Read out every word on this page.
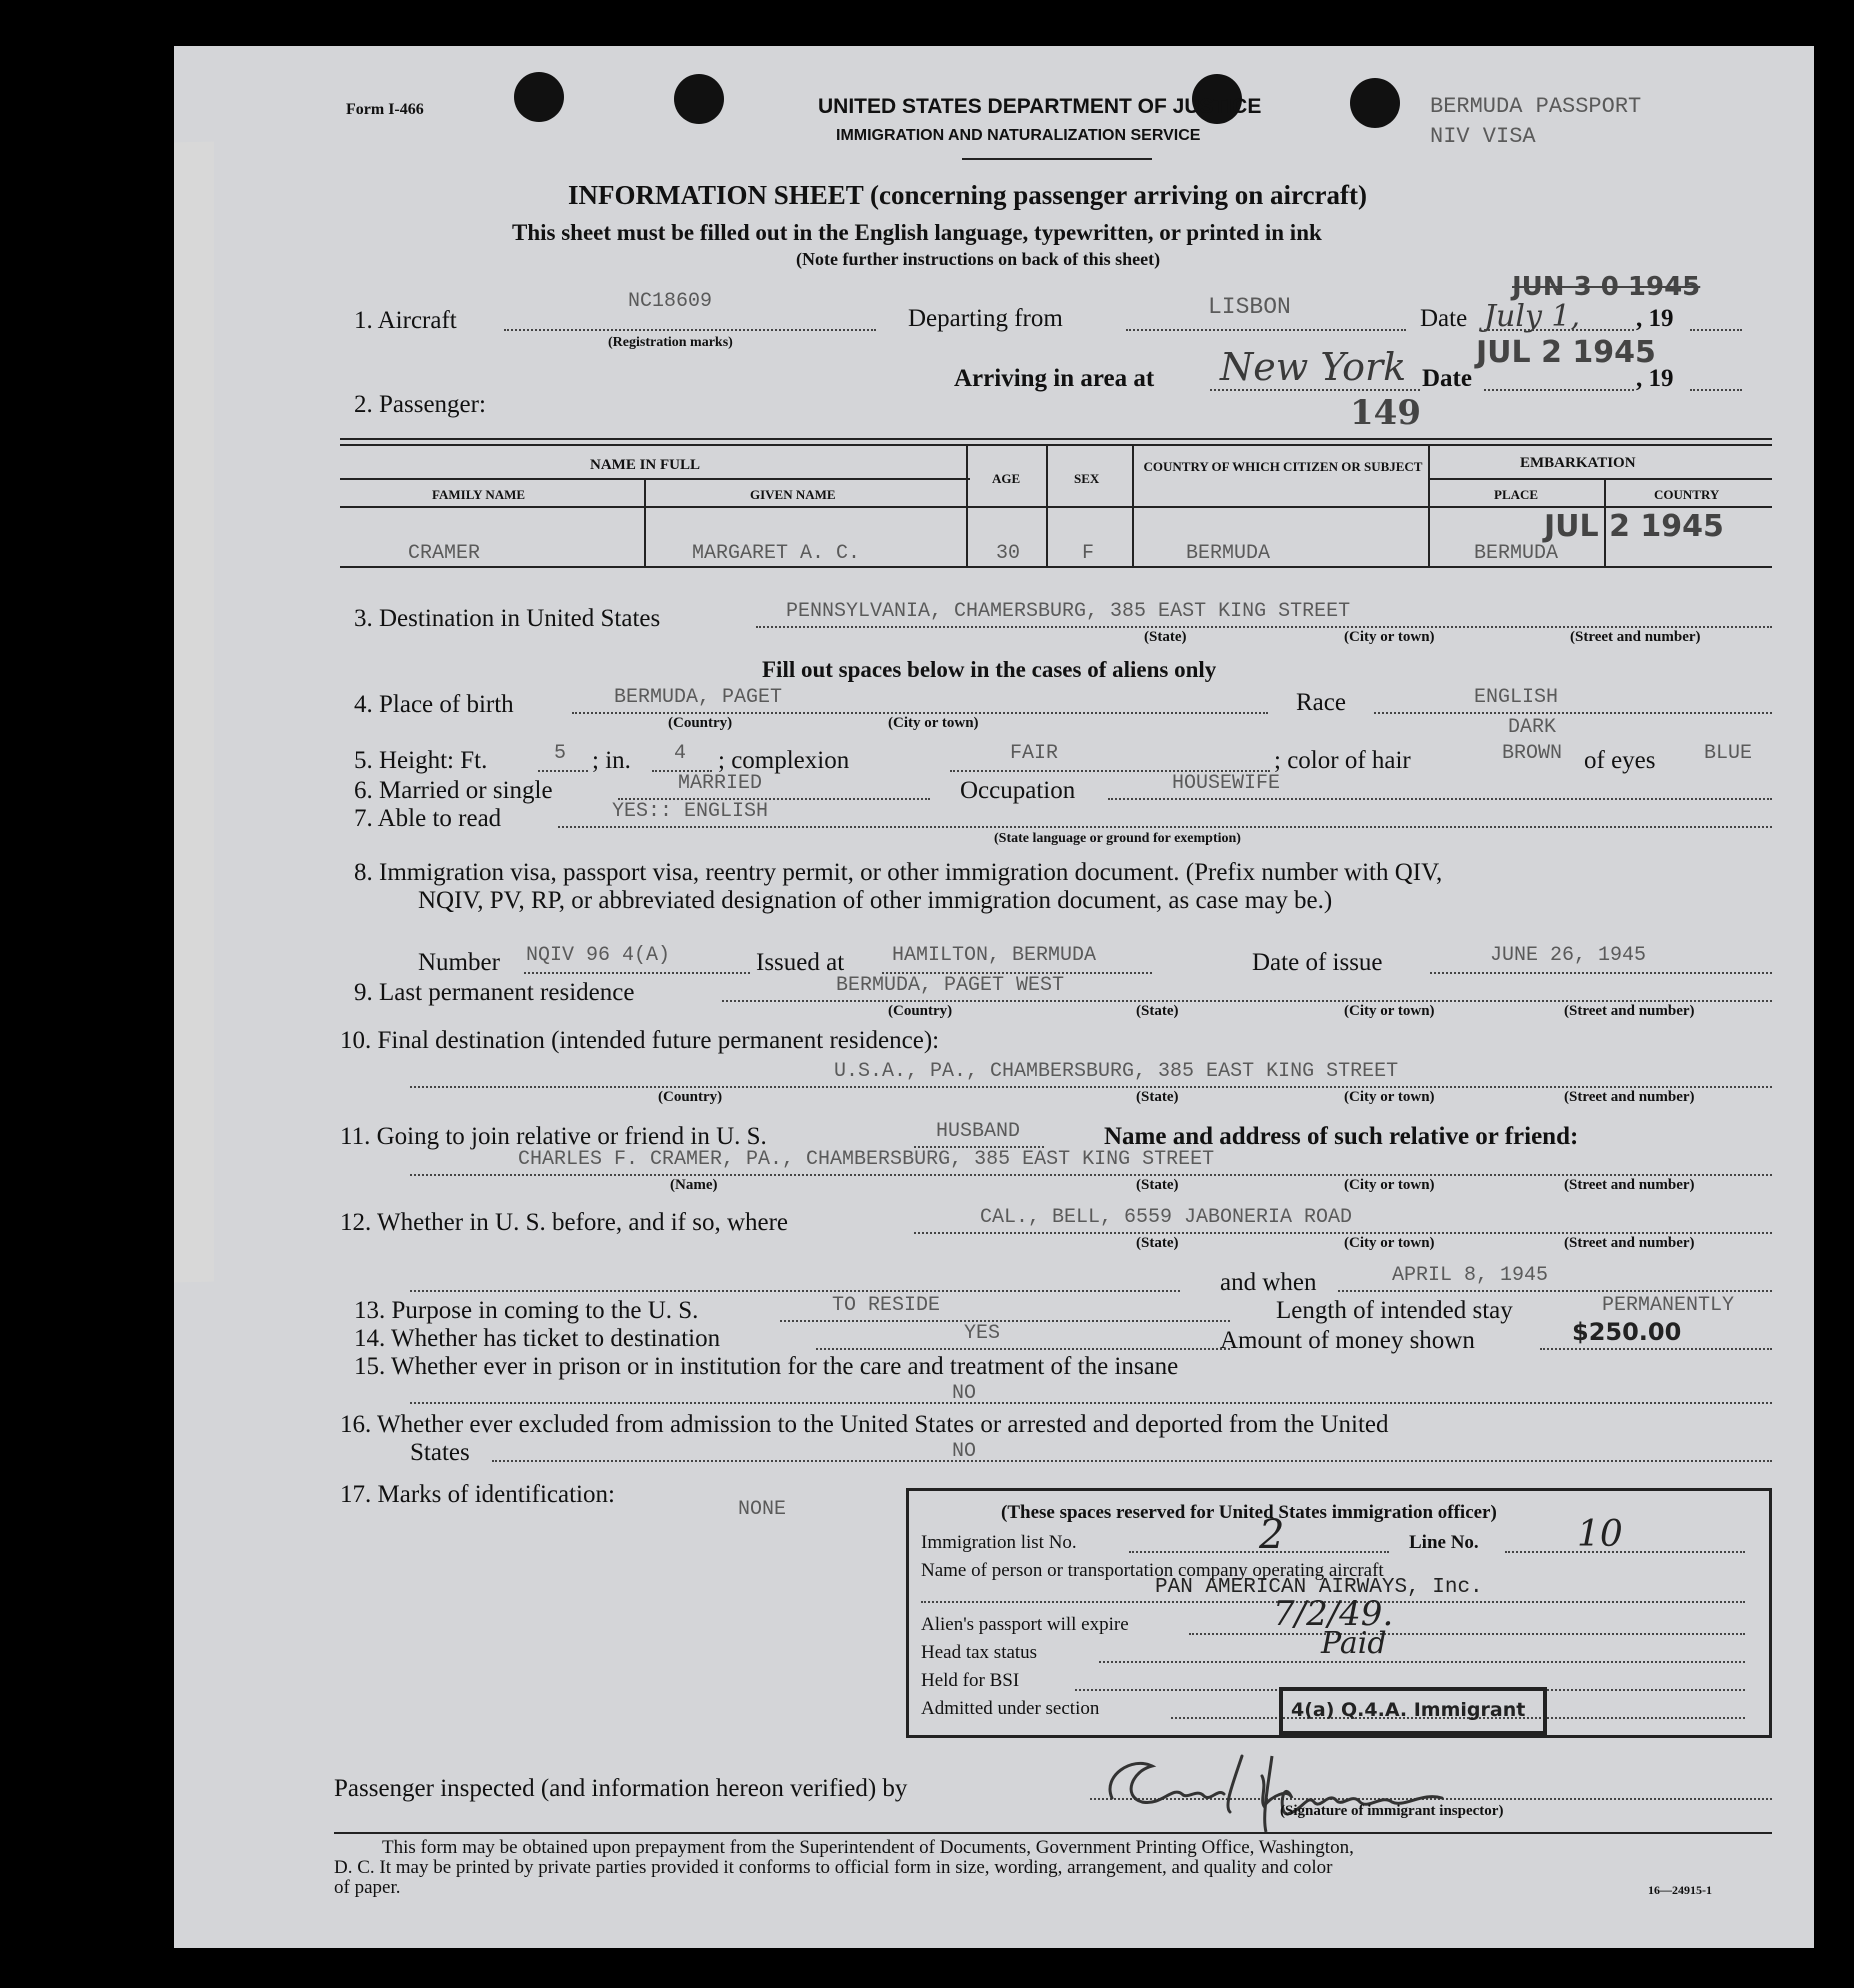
Form I-466	UNITED STATES DEPARTMENT OF JUSTICE
IMMIGRATION AND NATURALIZATION SERVICE
BERMUDA PASSPORT
NIV VISA
INFORMATION SHEET (concerning passenger arriving on aircraft)
This sheet must be filled out in the English language, typewritten, or printed in ink
(Note further instructions on back of this sheet)
1. Aircraft
NC18609
(Registration marks)
Departing from	LISBON	Date
JUN 3 0 1945
July 1, , 19
Arriving in area at New York Date
JUL 2 1945
, 19
149
2. Passenger:
NAME IN FULL
FAMILY NAME	GIVEN NAME
AGE	SEX
COUNTRY OF WHICH CITIZEN OR SUBJECT	EMBARKATION
PLACE	COUNTRY
CRAMER	MARGARET A. C.	30	F	BERMUDA	BERMUDA
JUL 2 1945
3. Destination in United States	PENNSYLVANIA, CHAMERSBURG, 385 EAST KING STREET
(State)	(City or town)	(Street and number)
Fill out spaces below in the cases of aliens only
4. Place of birth	BERMUDA, PAGET
(Country)	(City or town)
Race	ENGLISH
5. Height: Ft.	5 ; in. 4 ; complexion	FAIR	; color of hair
DARK
BROWN of eyes BLUE
6. Married or single	MARRIED	Occupation	HOUSEWIFE
7. Able to read	YES:: ENGLISH
(State language or ground for exemption)
8. Immigration visa, passport visa, reentry permit, or other immigration document. (Prefix number with QIV,
NQIV, PV, RP, or abbreviated designation of other immigration document, as case may be.)
Number NQIV 96 4(A)	Issued at HAMILTON, BERMUDA	Date of issue	JUNE 26, 1945
9. Last permanent residence	BERMUDA, PAGET WEST
(Country)	(State)	(City or town)	(Street and number)
10. Final destination (intended future permanent residence):
U.S.A., PA., CHAMBERSBURG, 385 EAST KING STREET
(Country)	(State)	(City or town)	(Street and number)
11. Going to join relative or friend in U. S.	HUSBAND	Name and address of such relative or friend:
CHARLES F. CRAMER, PA., CHAMBERSBURG, 385 EAST KING STREET
(Name)	(State)	(City or town)	(Street and number)
12. Whether in U. S. before, and if so, where	CAL., BELL, 6559 JABONERIA ROAD
(State)	(City or town)	(Street and number)
and when	APRIL 8, 1945
13. Purpose in coming to the U. S.	TO RESIDE	Length of intended stay	PERMANENTLY
14. Whether has ticket to destination	YES	Amount of money shown	$250.00
15. Whether ever in prison or in institution for the care and treatment of the insane
NO
16. Whether ever excluded from admission to the United States or arrested and deported from the United
States	NO
17. Marks of identification:
NONE	(These spaces reserved for United States immigration officer)
Immigration list No.	2	Line No.	10
Name of person or transportation company operating aircraft
PAN AMERICAN AIRWAYS, Inc.
Alien's passport will expire	7/2/49.
Head tax status	Paid
Held for BSI
Admitted under section	4(a) Q.4.A. Immigrant
Passenger inspected (and information hereon verified) by
(Signature of immigrant inspector)
This form may be obtained upon prepayment from the Superintendent of Documents, Government Printing Office, Washington,
D. C. It may be printed by private parties provided it conforms to official form in size, wording, arrangement, and quality and color
of paper.	16—24915-1
